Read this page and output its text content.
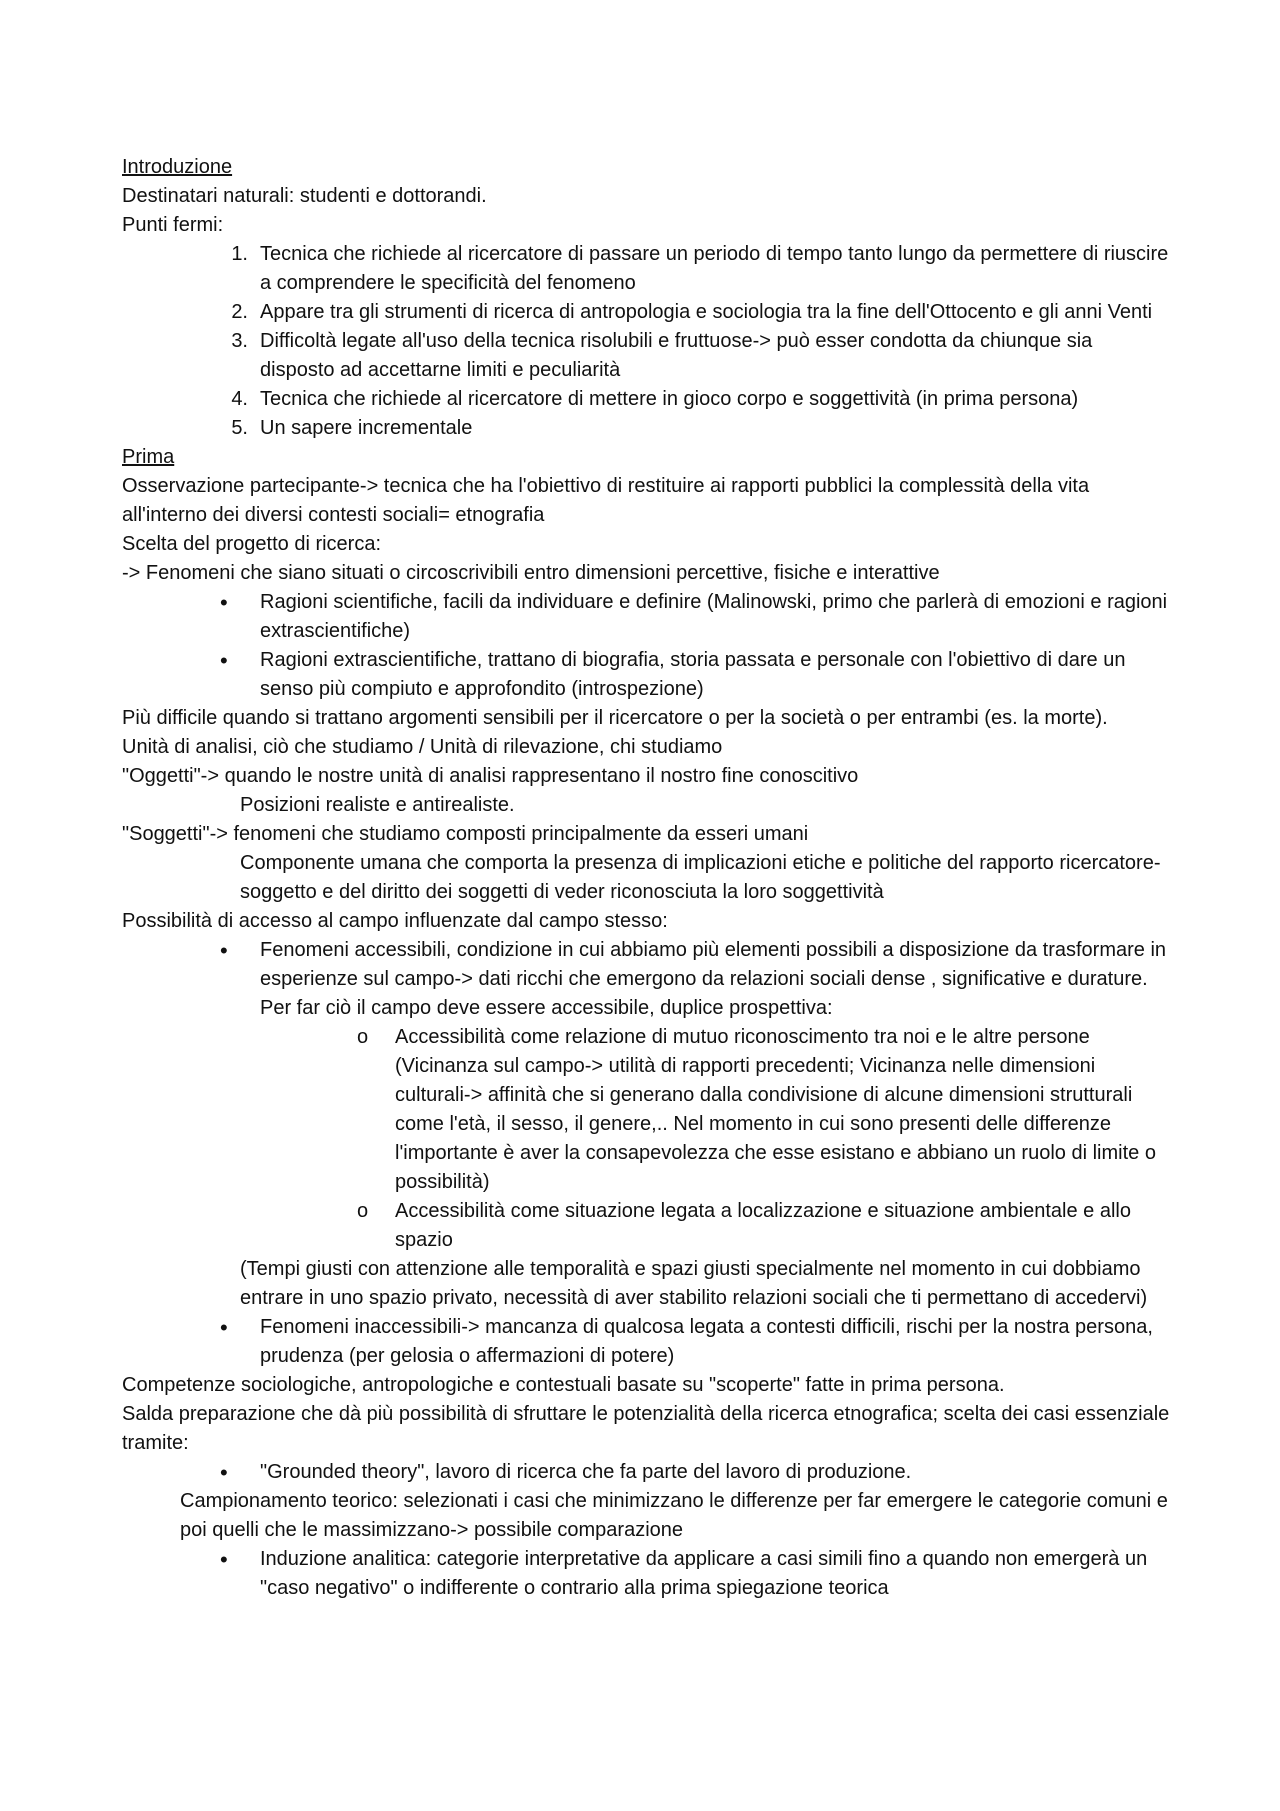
Introduzione
Destinatari naturali: studenti e dottorandi.
Punti fermi:
1. Tecnica che richiede al ricercatore di passare un periodo di tempo tanto lungo da permettere di riuscire a comprendere le specificità del fenomeno
2. Appare tra gli strumenti di ricerca di antropologia e sociologia tra la fine dell'Ottocento e gli anni Venti
3. Difficoltà legate all'uso della tecnica risolubili e fruttuose-> può esser condotta da chiunque sia disposto ad accettarne limiti e peculiarità
4. Tecnica che richiede al ricercatore di mettere in gioco corpo e soggettività (in prima persona)
5. Un sapere incrementale
Prima
Osservazione partecipante-> tecnica che ha l'obiettivo di restituire ai rapporti pubblici la complessità della vita all'interno dei diversi contesti sociali= etnografia
Scelta del progetto di ricerca:
-> Fenomeni che siano situati o circoscrivibili entro dimensioni percettive, fisiche e interattive
• Ragioni scientifiche, facili da individuare e definire (Malinowski, primo che parlerà di emozioni e ragioni extrascientifiche)
• Ragioni extrascientifiche, trattano di biografia, storia passata e personale con l'obiettivo di dare un senso più compiuto e approfondito (introspezione)
Più difficile quando si trattano argomenti sensibili per il ricercatore o per la società o per entrambi (es. la morte).
Unità di analisi, ciò che studiamo / Unità di rilevazione, chi studiamo
"Oggetti"-> quando le nostre unità di analisi rappresentano il nostro fine conoscitivo
Posizioni realiste e antirealiste.
"Soggetti"-> fenomeni che studiamo composti principalmente da esseri umani
Componente umana che comporta la presenza di implicazioni etiche e politiche del rapporto ricercatore-soggetto e del diritto dei soggetti di veder riconosciuta la loro soggettività
Possibilità di accesso al campo influenzate dal campo stesso:
• Fenomeni accessibili, condizione in cui abbiamo più elementi possibili a disposizione da trasformare in esperienze sul campo-> dati ricchi che emergono da relazioni sociali dense , significative e durature. Per far ciò il campo deve essere accessibile, duplice prospettiva:
o Accessibilità come relazione di mutuo riconoscimento tra noi e le altre persone (Vicinanza sul campo-> utilità di rapporti precedenti; Vicinanza nelle dimensioni culturali-> affinità che si generano dalla condivisione di alcune dimensioni strutturali come l'età, il sesso, il genere,.. Nel momento in cui sono presenti delle differenze l'importante è aver la consapevolezza che esse esistano e abbiano un ruolo di limite o possibilità)
o Accessibilità come situazione legata a localizzazione e situazione ambientale e allo spazio
(Tempi giusti con attenzione alle temporalità e spazi giusti specialmente nel momento in cui dobbiamo entrare in uno spazio privato, necessità di aver stabilito relazioni sociali che ti permettano di accedervi)
• Fenomeni inaccessibili-> mancanza di qualcosa legata a contesti difficili, rischi per la nostra persona, prudenza (per gelosia o affermazioni di potere)
Competenze sociologiche, antropologiche e contestuali basate su "scoperte" fatte in prima persona.
Salda preparazione che dà più possibilità di sfruttare le potenzialità della ricerca etnografica; scelta dei casi essenziale tramite:
• "Grounded theory", lavoro di ricerca che fa parte del lavoro di produzione.
Campionamento teorico: selezionati i casi che minimizzano le differenze per far emergere le categorie comuni e poi quelli che le massimizzano-> possibile comparazione
• Induzione analitica: categorie interpretative da applicare a casi simili fino a quando non emergerà un "caso negativo" o indifferente o contrario alla prima spiegazione teorica
